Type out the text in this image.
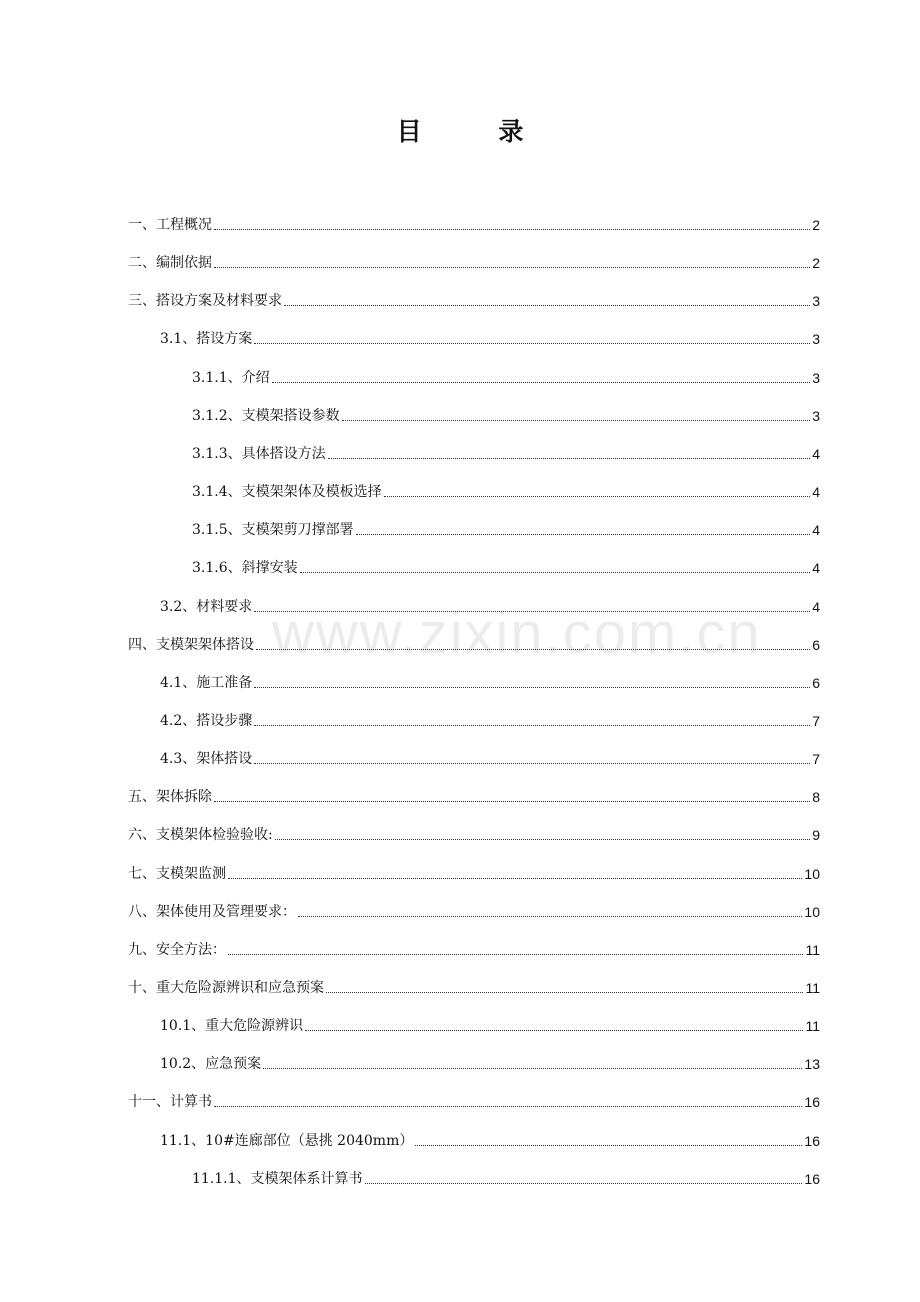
目 录
www.zixin.com.cn
一、工程概况	2
二、编制依据	2
三、搭设方案及材料要求	3
3.1、搭设方案	3
3.1.1、介绍	3
3.1.2、支模架搭设参数	3
3.1.3、具体搭设方法	4
3.1.4、支模架架体及模板选择	4
3.1.5、支模架剪刀撑部署	4
3.1.6、斜撑安装	4
3.2、材料要求	4
四、支模架架体搭设	6
4.1、施工准备	6
4.2、搭设步骤	7
4.3、架体搭设	7
五、架体拆除	8
六、支模架体检验验收:	9
七、支模架监测	10
八、架体使用及管理要求：	10
九、安全方法：	11
十、重大危险源辨识和应急预案	11
10.1、重大危险源辨识	11
10.2、应急预案	13
十一、计算书	16
11.1、10#连廊部位（悬挑 2040mm）	16
11.1.1、支模架体系计算书	16
